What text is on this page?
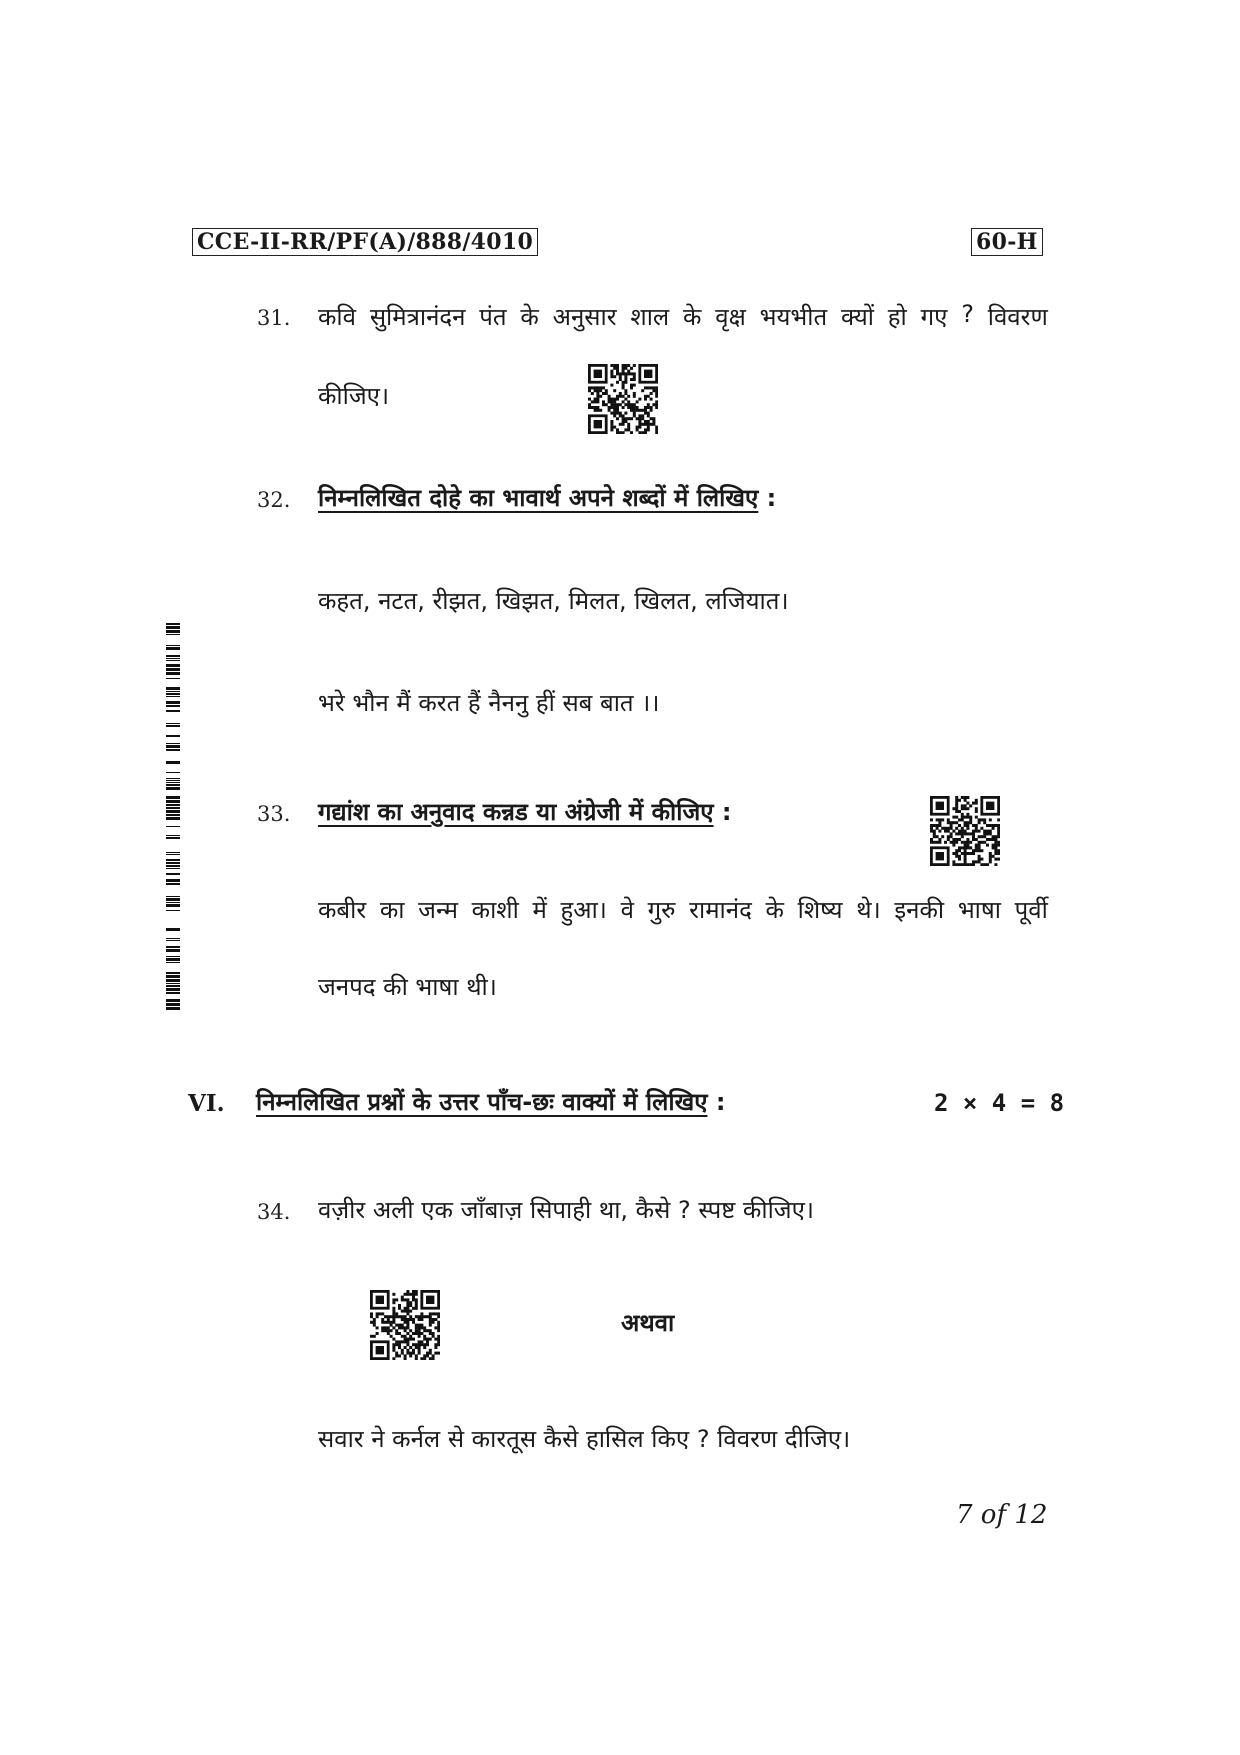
CCE-II-RR/PF(A)/888/4010	60-H
31. कवि सुमित्रानंदन पंत के अनुसार शाल के वृक्ष भयभीत क्यों हो गए ? विवरण
कीजिए।
32. निम्नलिखित दोहे का भावार्थ अपने शब्दों में लिखिए :
कहत, नटत, रीझत, खिझत, मिलत, खिलत, लजियात।
भरे भौन मैं करत हैं नैननु हीं सब बात ।।
33. गद्यांश का अनुवाद कन्नड या अंग्रेजी में कीजिए :
कबीर का जन्म काशी में हुआ। वे गुरु रामानंद के शिष्य थे। इनकी भाषा पूर्वी
जनपद की भाषा थी।
VI. निम्नलिखित प्रश्नों के उत्तर पाँच-छः वाक्यों में लिखिए :	2 × 4 = 8
34. वज़ीर अली एक जाँबाज़ सिपाही था, कैसे ? स्पष्ट कीजिए।
अथवा
सवार ने कर्नल से कारतूस कैसे हासिल किए ? विवरण दीजिए।
7 of 12
